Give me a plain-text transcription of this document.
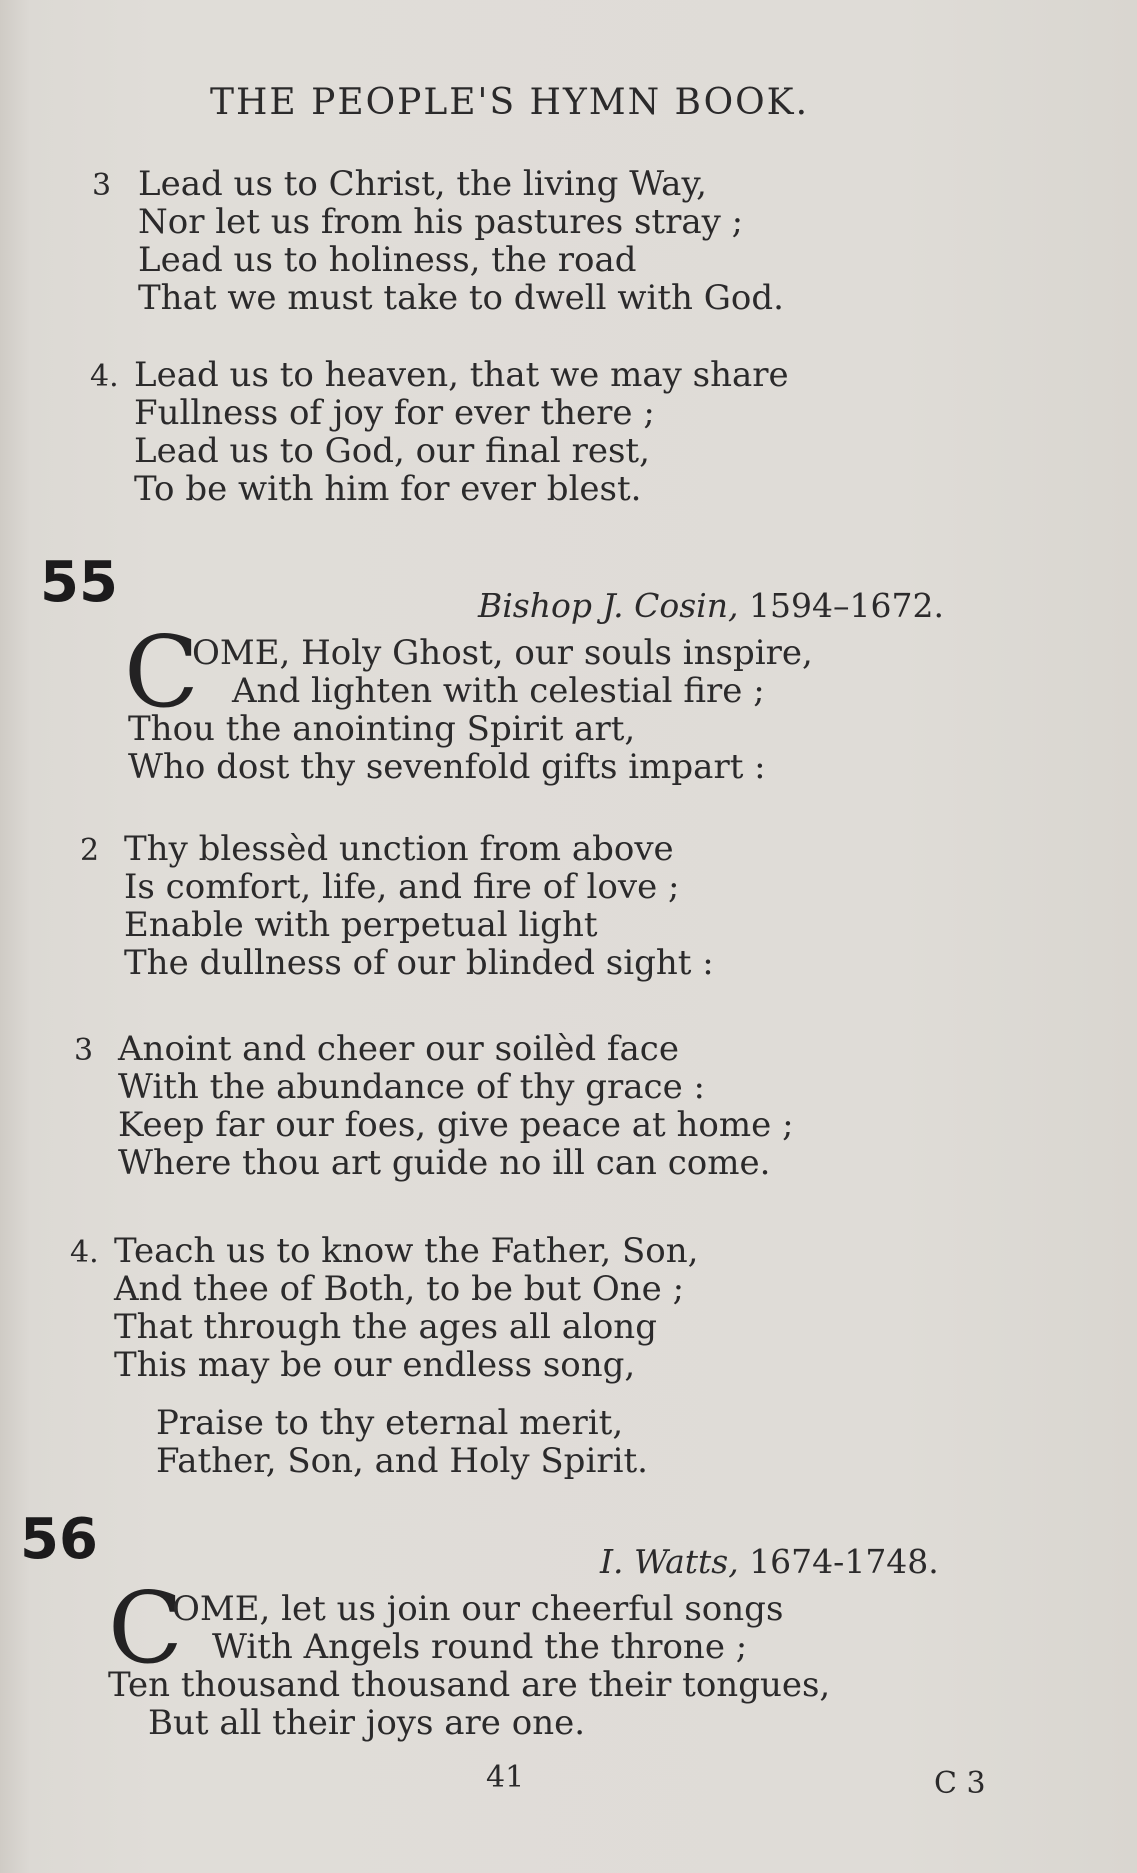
THE PEOPLE'S HYMN BOOK.
3 Lead us to Christ, the living Way,
Nor let us from his pastures stray ;
Lead us to holiness, the road
That we must take to dwell with God.
4. Lead us to heaven, that we may share
Fullness of joy for ever there ;
Lead us to God, our final rest,
To be with him for ever blest.
55	Bishop J. Cosin, 1594–1672.
C
OME, Holy Ghost, our souls inspire,
And lighten with celestial fire ;
Thou the anointing Spirit art,
Who dost thy sevenfold gifts impart :
2 Thy blessèd unction from above
Is comfort, life, and fire of love ;
Enable with perpetual light
The dullness of our blinded sight :
3 Anoint and cheer our soilèd face
With the abundance of thy grace :
Keep far our foes, give peace at home ;
Where thou art guide no ill can come.
4. Teach us to know the Father, Son,
And thee of Both, to be but One ;
That through the ages all along
This may be our endless song,
Praise to thy eternal merit,
Father, Son, and Holy Spirit.
56	I. Watts, 1674-1748.
C
OME, let us join our cheerful songs
With Angels round the throne ;
Ten thousand thousand are their tongues,
But all their joys are one.
41	C 3
